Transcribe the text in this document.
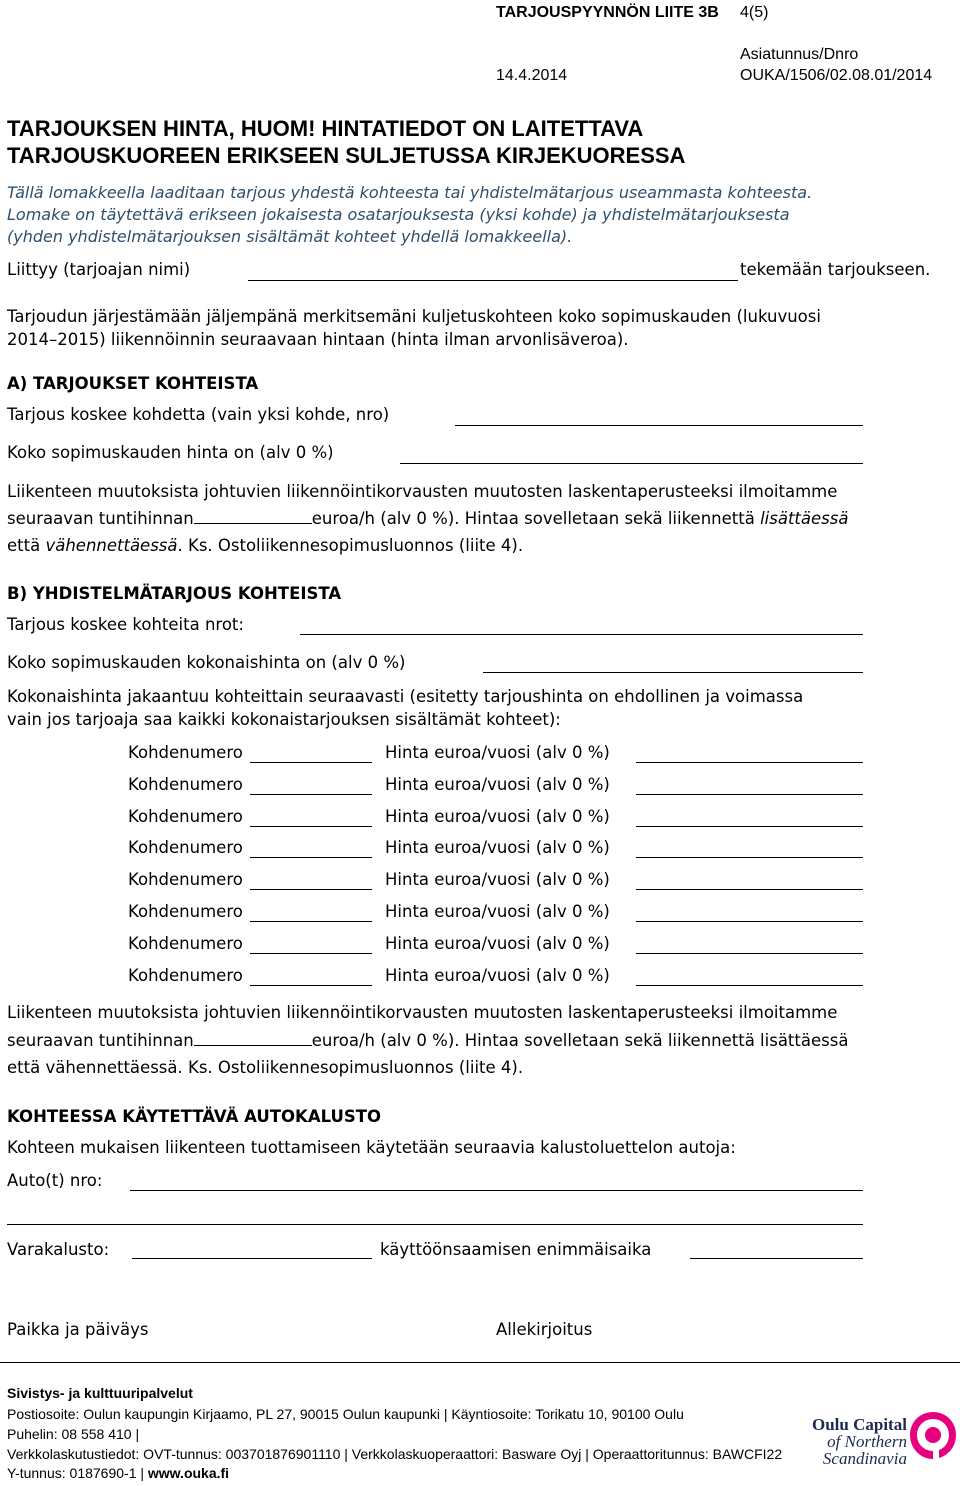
TARJOUSPYYNNÖN LIITE 3B 4(5)
Asiatunnus/Dnro
14.4.2014	OUKA/1506/02.08.01/2014
TARJOUKSEN HINTA, HUOM! HINTATIEDOT ON LAITETTAVA
TARJOUSKUOREEN ERIKSEEN SULJETUSSA KIRJEKUORESSA
Tällä lomakkeella laaditaan tarjous yhdestä kohteesta tai yhdistelmätarjous useammasta kohteesta.
Lomake on täytettävä erikseen jokaisesta osatarjouksesta (yksi kohde) ja yhdistelmätarjouksesta
(yhden yhdistelmätarjouksen sisältämät kohteet yhdellä lomakkeella).
Liittyy (tarjoajan nimi)	tekemään tarjoukseen.
Tarjoudun järjestämään jäljempänä merkitsemäni kuljetuskohteen koko sopimuskauden (lukuvuosi
2014–2015) liikennöinnin seuraavaan hintaan (hinta ilman arvonlisäveroa).
A) TARJOUKSET KOHTEISTA
Tarjous koskee kohdetta (vain yksi kohde, nro)
Koko sopimuskauden hinta on (alv 0 %)
Liikenteen muutoksista johtuvien liikennöintikorvausten muutosten laskentaperusteeksi ilmoitamme
seuraavan tuntihinnan	euroa/h (alv 0 %). Hintaa sovelletaan sekä liikennettä lisättäessä
että vähennettäessä. Ks. Ostoliikennesopimusluonnos (liite 4).
B) YHDISTELMÄTARJOUS KOHTEISTA
Tarjous koskee kohteita nrot:
Koko sopimuskauden kokonaishinta on (alv 0 %)
Kokonaishinta jakaantuu kohteittain seuraavasti (esitetty tarjoushinta on ehdollinen ja voimassa
vain jos tarjoaja saa kaikki kokonaistarjouksen sisältämät kohteet):
Kohdenumero	Hinta euroa/vuosi (alv 0 %)
Kohdenumero	Hinta euroa/vuosi (alv 0 %)
Kohdenumero	Hinta euroa/vuosi (alv 0 %)
Kohdenumero	Hinta euroa/vuosi (alv 0 %)
Kohdenumero	Hinta euroa/vuosi (alv 0 %)
Kohdenumero	Hinta euroa/vuosi (alv 0 %)
Kohdenumero	Hinta euroa/vuosi (alv 0 %)
Kohdenumero	Hinta euroa/vuosi (alv 0 %)
Liikenteen muutoksista johtuvien liikennöintikorvausten muutosten laskentaperusteeksi ilmoitamme
seuraavan tuntihinnan	euroa/h (alv 0 %). Hintaa sovelletaan sekä liikennettä lisättäessä
että vähennettäessä. Ks. Ostoliikennesopimusluonnos (liite 4).
KOHTEESSA KÄYTETTÄVÄ AUTOKALUSTO
Kohteen mukaisen liikenteen tuottamiseen käytetään seuraavia kalustoluettelon autoja:
Auto(t) nro:
Varakalusto:	käyttöönsaamisen enimmäisaika
Paikka ja päiväys	Allekirjoitus
Sivistys- ja kulttuuripalvelut
Postiosoite: Oulun kaupungin Kirjaamo, PL 27, 90015 Oulun kaupunki | Käyntiosoite: Torikatu 10, 90100 Oulu
Puhelin: 08 558 410 |
Verkkolaskutustiedot: OVT-tunnus: 003701876901110 | Verkkolaskuoperaattori: Basware Oyj | Operaattoritunnus: BAWCFI22
Y-tunnus: 0187690-1 | www.ouka.fi
Oulu Capital
of Northern
Scandinavia
